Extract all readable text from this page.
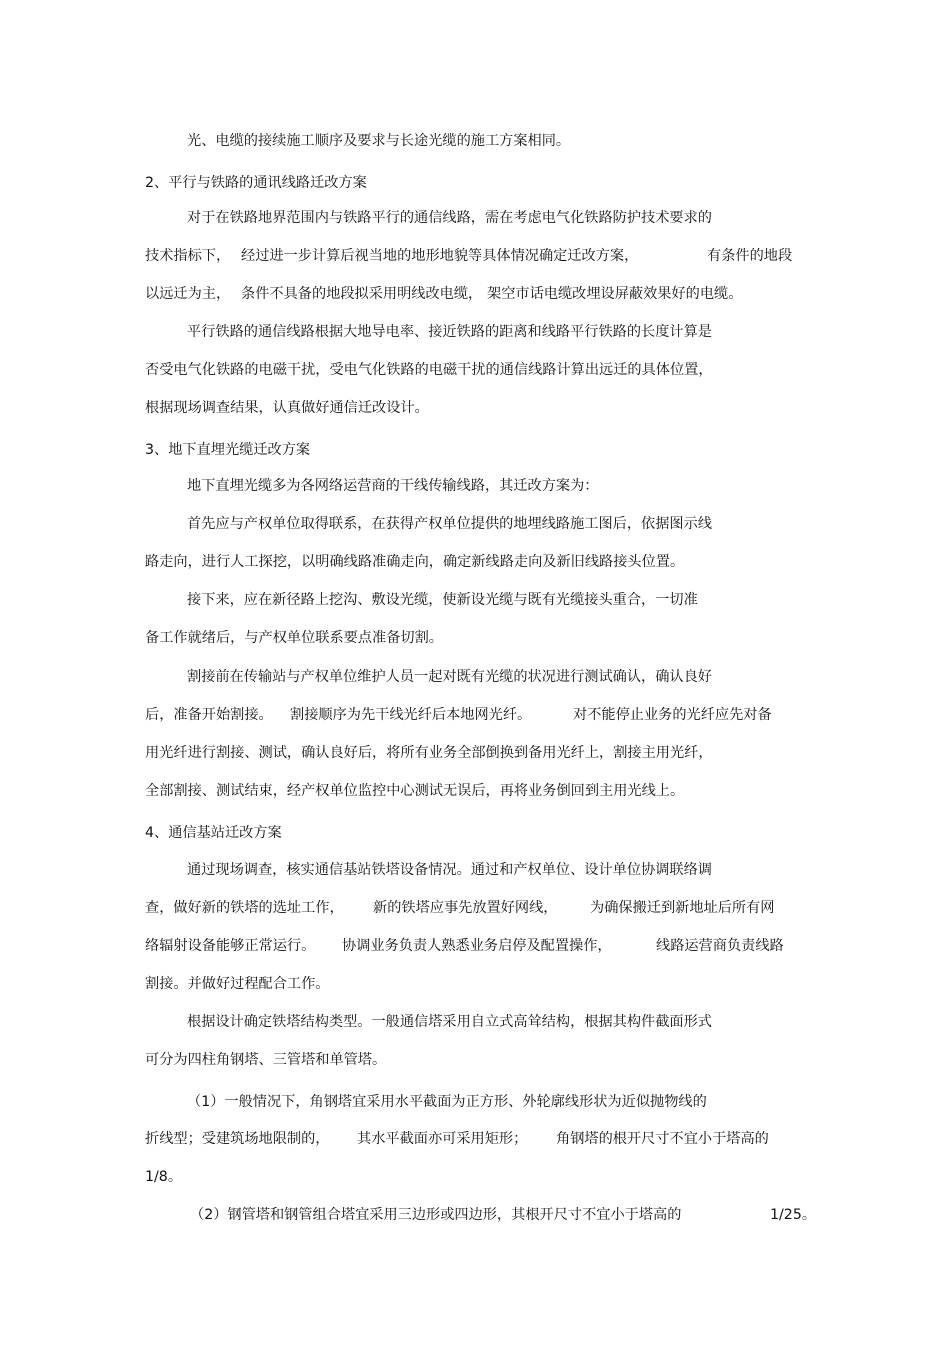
光、电缆的接续施工顺序及要求与长途光缆的施工方案相同。
2、平行与铁路的通讯线路迁改方案
对于在铁路地界范围内与铁路平行的通信线路，需在考虑电气化铁路防护技术要求的
技术指标下， 经过进一步计算后视当地的地形地貌等具体情况确定迁改方案，	有条件的地段
以远迁为主， 条件不具备的地段拟采用明线改电缆， 架空市话电缆改埋设屏蔽效果好的电缆。
平行铁路的通信线路根据大地导电率、接近铁路的距离和线路平行铁路的长度计算是
否受电气化铁路的电磁干扰，受电气化铁路的电磁干扰的通信线路计算出远迁的具体位置，
根据现场调查结果，认真做好通信迁改设计。
3、地下直埋光缆迁改方案
地下直埋光缆多为各网络运营商的干线传输线路，其迁改方案为：
首先应与产权单位取得联系，在获得产权单位提供的地埋线路施工图后，依据图示线
路走向，进行人工探挖，以明确线路准确走向，确定新线路走向及新旧线路接头位置。
接下来，应在新径路上挖沟、敷设光缆，使新设光缆与既有光缆接头重合，一切准
备工作就绪后，与产权单位联系要点准备切割。
割接前在传输站与产权单位维护人员一起对既有光缆的状况进行测试确认，确认良好
后，准备开始割接。 割接顺序为先干线光纤后本地网光纤。	对不能停止业务的光纤应先对备
用光纤进行割接、测试，确认良好后，将所有业务全部倒换到备用光纤上，割接主用光纤，
全部割接、测试结束，经产权单位监控中心测试无误后，再将业务倒回到主用光线上。
4、通信基站迁改方案
通过现场调查，核实通信基站铁塔设备情况。通过和产权单位、设计单位协调联络调
查，做好新的铁塔的选址工作， 新的铁塔应事先放置好网线， 为确保搬迁到新地址后所有网
络辐射设备能够正常运行。 协调业务负责人熟悉业务启停及配置操作，	线路运营商负责线路
割接。并做好过程配合工作。
根据设计确定铁塔结构类型。一般通信塔采用自立式高耸结构，根据其构件截面形式
可分为四柱角钢塔、三管塔和单管塔。
（1）一般情况下，角钢塔宜采用水平截面为正方形、外轮廓线形状为近似抛物线的
折线型；受建筑场地限制的， 其水平截面亦可采用矩形； 角钢塔的根开尺寸不宜小于塔高的
1/8。
（2）钢管塔和钢管组合塔宜采用三边形或四边形，其根开尺寸不宜小于塔高的	1/25。
